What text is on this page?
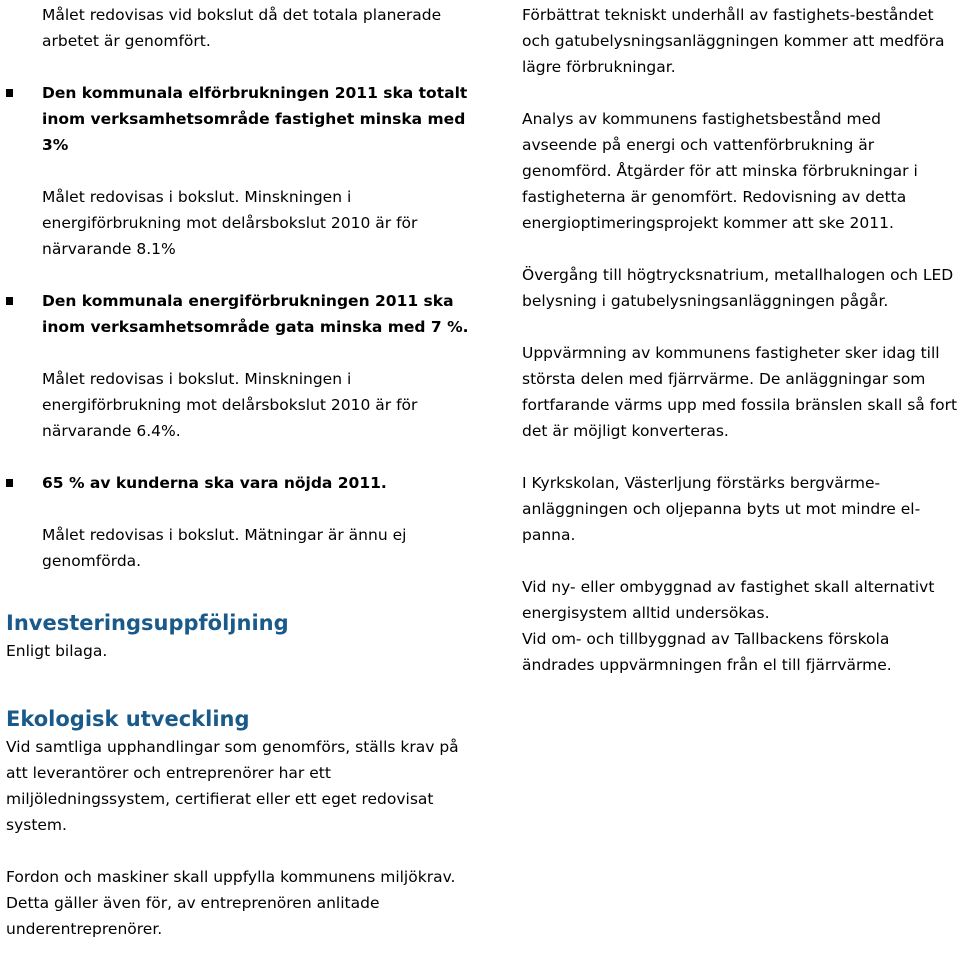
Målet redovisas vid bokslut då det totala planerade arbetet är genomfört.

Den kommunala elförbrukningen 2011 ska totalt inom verksamhetsområde fastighet minska med 3%

Målet redovisas i bokslut. Minskningen i energiförbrukning mot delårsbokslut 2010 är för närvarande 8.1%

Den kommunala energiförbrukningen 2011 ska inom verksamhetsområde gata minska med 7 %.

Målet redovisas i bokslut. Minskningen i energiförbrukning mot delårsbokslut 2010 är för närvarande 6.4%.

65 % av kunderna ska vara nöjda 2011.

Målet redovisas i bokslut. Mätningar är ännu ej genomförda.

Investeringsuppföljning

Enligt bilaga.

Ekologisk utveckling

Vid samtliga upphandlingar som genomförs, ställs krav på att leverantörer och entreprenörer har ett miljöledningssystem, certifierat eller ett eget redovisat system.

Fordon och maskiner skall uppfylla kommunens miljökrav. Detta gäller även för, av entreprenören anlitade underentreprenörer.

Förbättrat tekniskt underhåll av fastighets-beståndet och gatubelysningsanläggningen kommer att medföra lägre förbrukningar.

Analys av kommunens fastighetsbestånd med avseende på energi och vattenförbrukning är genomförd. Åtgärder för att minska förbrukningar i fastigheterna är genomfört. Redovisning av detta energioptimeringsprojekt kommer att ske 2011.

Övergång till högtrycksnatrium, metallhalogen och LED belysning i gatubelysningsanläggningen pågår.

Uppvärmning av kommunens fastigheter sker idag till största delen med fjärrvärme. De anläggningar som fortfarande värms upp med fossila bränslen skall så fort det är möjligt konverteras.

I Kyrkskolan, Västerljung förstärks bergvärme-anläggningen och oljepanna byts ut mot mindre el-panna.

Vid ny- eller ombyggnad av fastighet skall alternativt energisystem alltid undersökas.

Vid om- och tillbyggnad av Tallbackens förskola ändrades uppvärmningen från el till fjärrvärme.
